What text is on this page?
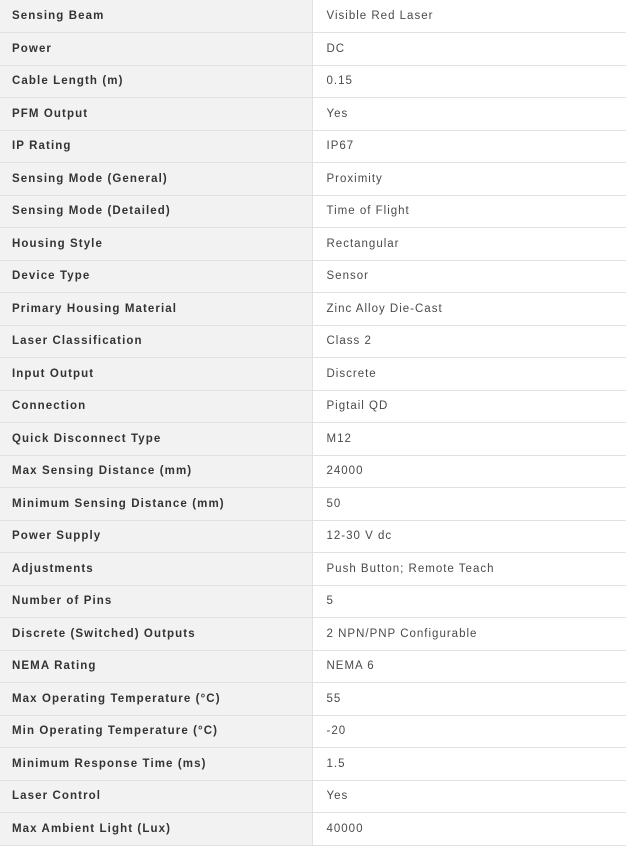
Sensing Beam	Visible Red Laser
Power	DC
Cable Length (m)	0.15
PFM Output	Yes
IP Rating	IP67
Sensing Mode (General)	Proximity
Sensing Mode (Detailed)	Time of Flight
Housing Style	Rectangular
Device Type	Sensor
Primary Housing Material	Zinc Alloy Die-Cast
Laser Classification	Class 2
Input Output	Discrete
Connection	Pigtail QD
Quick Disconnect Type	M12
Max Sensing Distance (mm)	24000
Minimum Sensing Distance (mm)	50
Power Supply	12-30 V dc
Adjustments	Push Button; Remote Teach
Number of Pins	5
Discrete (Switched) Outputs	2 NPN/PNP Configurable
NEMA Rating	NEMA 6
Max Operating Temperature (°C)	55
Min Operating Temperature (°C)	-20
Minimum Response Time (ms)	1.5
Laser Control	Yes
Max Ambient Light (Lux)	40000
